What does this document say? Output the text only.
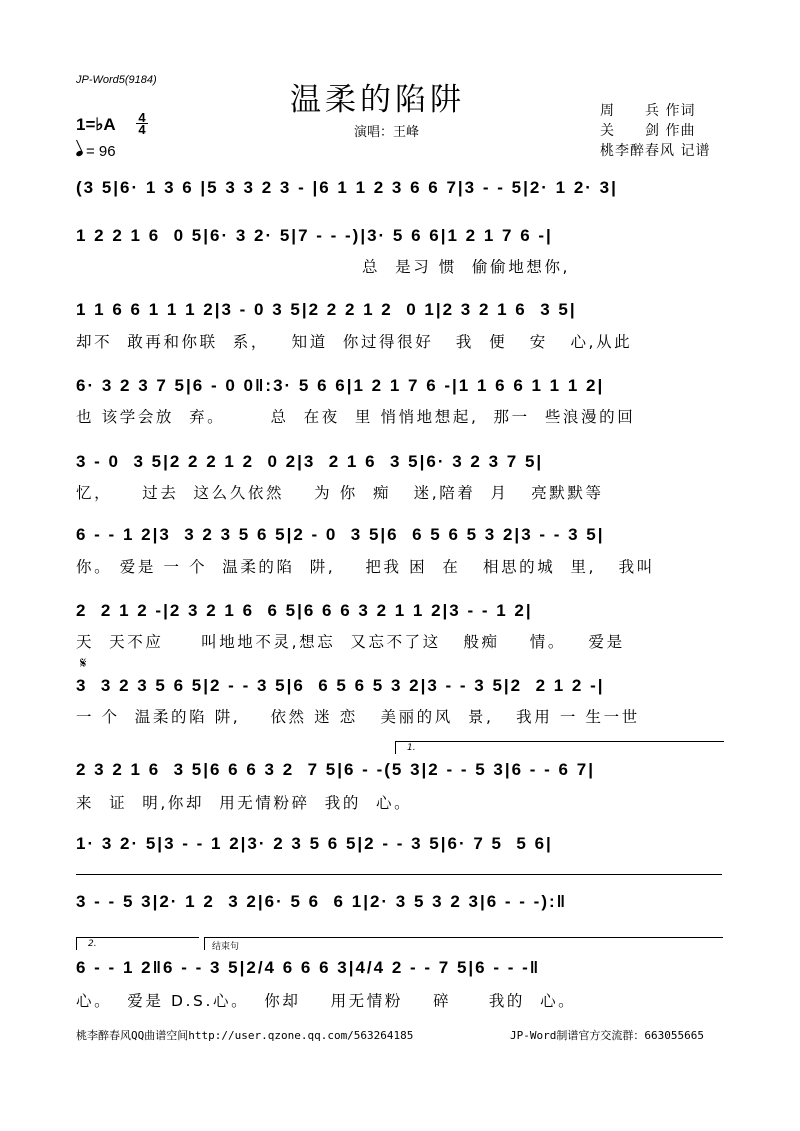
JP-Word5(9184)
温柔的陷阱
演唱：王峰
周　　兵 作词
关　　剑 作曲
桃李醉春风 记谱
1=♭A 4
4
= 96
(3 5|6· 1 3 6 |5 3 3 2 3 - |6 1 1 2 3 6 6 7|3 - - 5|2· 1 2· 3|
1 2 2 1 6  0 5|6· 3 2· 5|7 - - -)|3· 5 6 6|1 2 1 7 6 -|
总  是习 惯  偷偷地想你,
1 1 6 6 1 1 1 2|3 - 0 3 5|2 2 2 1 2  0 1|2 3 2 1 6  3 5|
却不  敢再和你联  系，   知道  你过得很好   我  便   安   心,从此
6· 3 2 3 7 5|6 - 0 0‖:3· 5 6 6|1 2 1 7 6 -|1 1 6 6 1 1 1 2|
也 该学会放  弃。      总  在夜  里 悄悄地想起,  那一  些浪漫的回
3 - 0  3 5|2 2 2 1 2  0 2|3  2 1 6  3 5|6· 3 2 3 7 5|
忆，    过去  这么久依然    为 你  痴   迷,陪着  月   亮默默等
6 - - 1 2|3  3 2 3 5 6 5|2 - 0  3 5|6  6 5 6 5 3 2|3 - - 3 5|
你。 爱是 一 个  温柔的陷  阱,    把我 困  在   相思的城  里,   我叫
2  2 1 2 -|2 3 2 1 6  6 5|6 6 6 3 2 1 1 2|3 - - 1 2|
天  天不应     叫地地不灵,想忘  又忘不了这   般痴    情。   爱是
𝄋
3  3 2 3 5 6 5|2 - - 3 5|6  6 5 6 5 3 2|3 - - 3 5|2  2 1 2 -|
一 个  温柔的陷 阱,    依然 迷 恋   美丽的风  景,   我用 一 生一世
1.
2 3 2 1 6  3 5|6 6 6 3 2  7 5|6 - -(5 3|2 - - 5 3|6 - - 6 7|
来  证  明,你却  用无情粉碎  我的  心。
1· 3 2· 5|3 - - 1 2|3· 2 3 5 6 5|2 - - 3 5|6· 7 5  5 6|
3 - - 5 3|2· 1 2  3 2|6· 5 6  6 1|2· 3 5 3 2 3|6 - - -):‖
2.	结束句
6 - - 1 2‖6 - - 3 5|2/4 6 6 6 3|4/4 2 - - 7 5|6 - - -‖
心。  爱是 D.S.心。  你却    用无情粉    碎     我的  心。
桃李醉春风QQ曲谱空间http://user.qzone.qq.com/563264185	JP-Word制谱官方交流群：663055665
